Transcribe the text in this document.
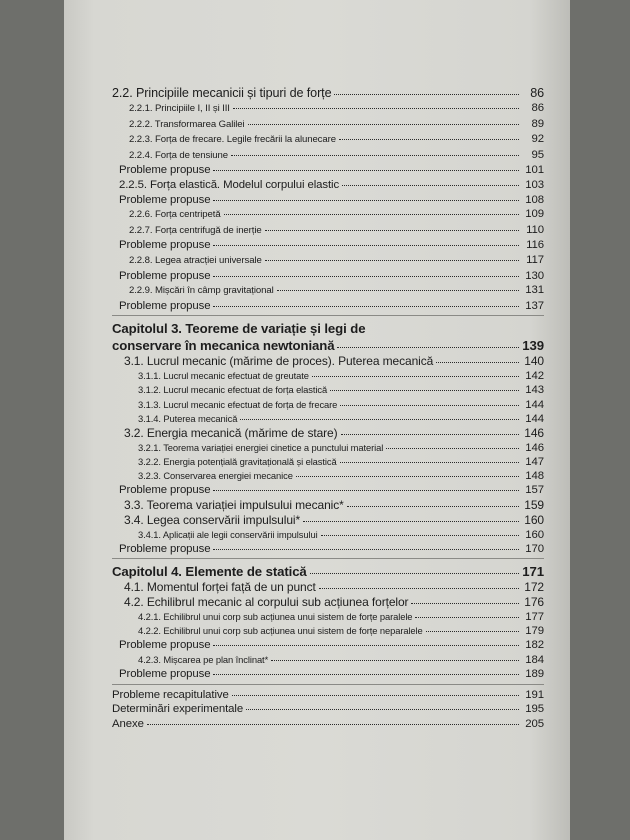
2.2. Principiile mecanicii și tipuri de forțe	86
2.2.1. Principiile I, II și III	86
2.2.2. Transformarea Galilei	89
2.2.3. Forța de frecare. Legile frecării la alunecare	92
2.2.4. Forța de tensiune	95
Probleme propuse	101
2.2.5. Forța elastică. Modelul corpului elastic	103
Probleme propuse	108
2.2.6. Forța centripetă	109
2.2.7. Forța centrifugă de inerție	110
Probleme propuse	116
2.2.8. Legea atracției universale	117
Probleme propuse	130
2.2.9. Mișcări în câmp gravitațional	131
Probleme propuse	137
Capitolul 3. Teoreme de variație și legi de
conservare în mecanica newtoniană	139
3.1. Lucrul mecanic (mărime de proces). Puterea mecanică	140
3.1.1. Lucrul mecanic efectuat de greutate	142
3.1.2. Lucrul mecanic efectuat de forța elastică	143
3.1.3. Lucrul mecanic efectuat de forța de frecare	144
3.1.4. Puterea mecanică	144
3.2. Energia mecanică (mărime de stare)	146
3.2.1. Teorema variației energiei cinetice a punctului material	146
3.2.2. Energia potențială gravitațională și elastică	147
3.2.3. Conservarea energiei mecanice	148
Probleme propuse	157
3.3. Teorema variației impulsului mecanic*	159
3.4. Legea conservării impulsului*	160
3.4.1. Aplicații ale legii conservării impulsului	160
Probleme propuse	170
Capitolul 4. Elemente de statică	171
4.1. Momentul forței față de un punct	172
4.2. Echilibrul mecanic al corpului sub acțiunea forțelor	176
4.2.1. Echilibrul unui corp sub acțiunea unui sistem de forțe paralele	177
4.2.2. Echilibrul unui corp sub acțiunea unui sistem de forțe neparalele	179
Probleme propuse	182
4.2.3. Mișcarea pe plan înclinat*	184
Probleme propuse	189
Probleme recapitulative	191
Determinări experimentale	195
Anexe	205
